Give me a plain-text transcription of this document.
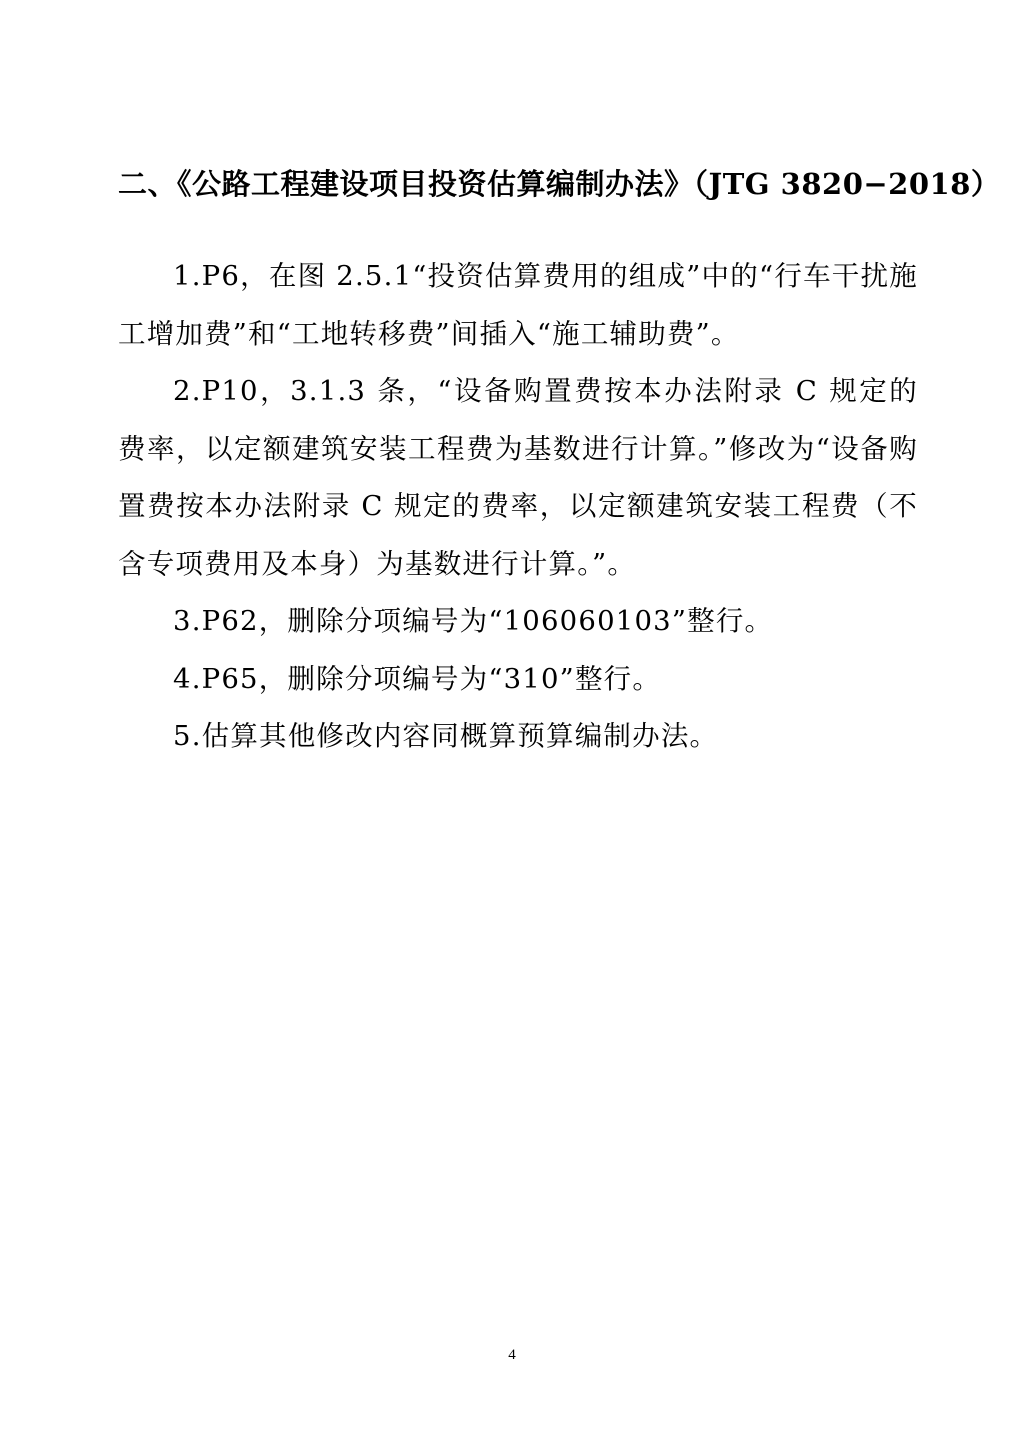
二、《公路工程建设项目投资估算编制办法》（JTG 3820−2018）

1.P6，在图 2.5.1“投资估算费用的组成”中的“行车干扰施工增加费”和“工地转移费”间插入“施工辅助费”。

2.P10，3.1.3 条，“设备购置费按本办法附录 C 规定的费率，以定额建筑安装工程费为基数进行计算。”修改为“设备购置费按本办法附录 C 规定的费率，以定额建筑安装工程费（不含专项费用及本身）为基数进行计算。”。

3.P62，删除分项编号为“106060103”整行。

4.P65，删除分项编号为“310”整行。

5.估算其他修改内容同概算预算编制办法。

4
